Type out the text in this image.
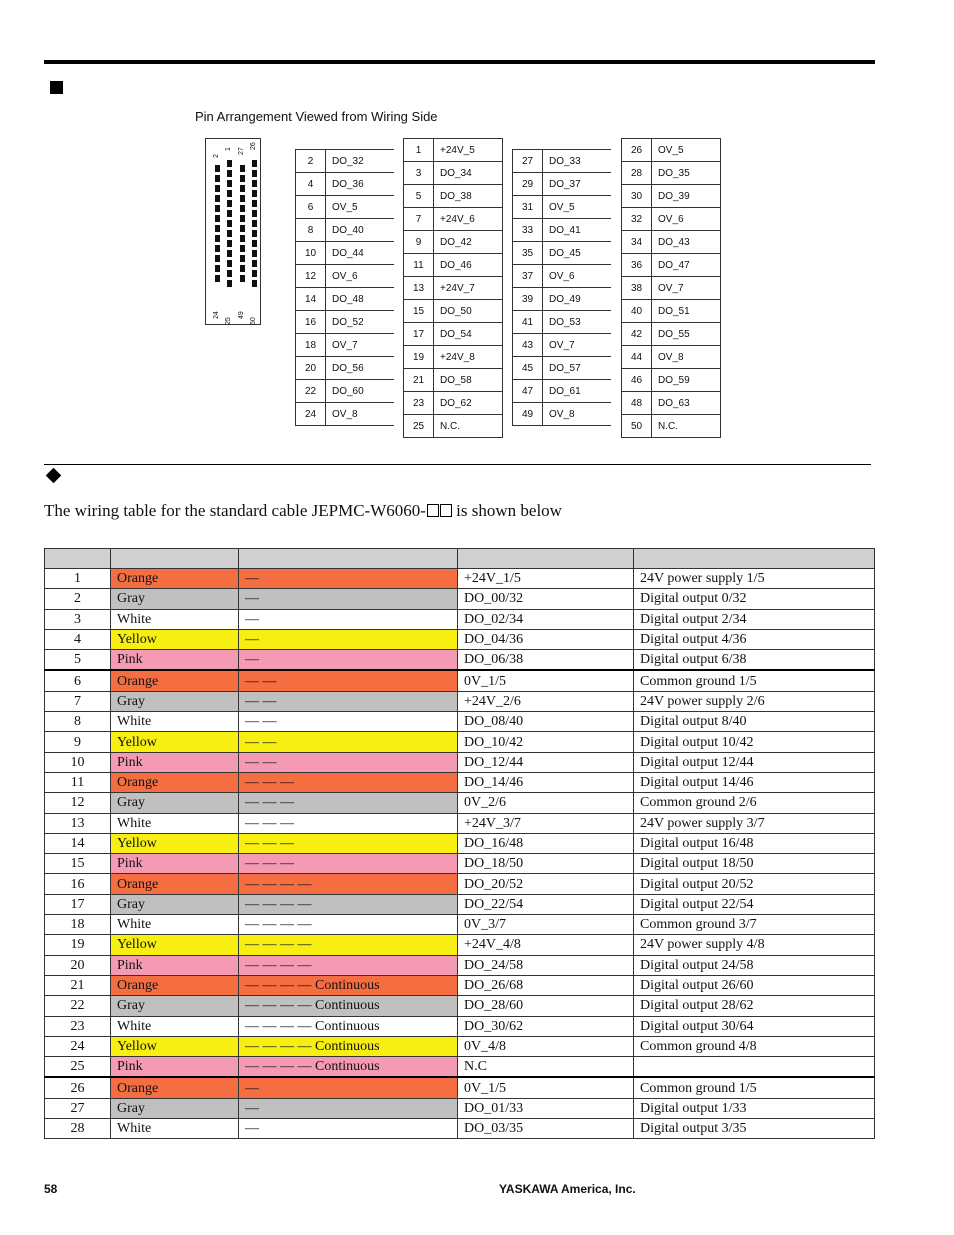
Pin Arrangement Viewed from Wiring Side
2
1 27
26
24
25
49
50
2	DO_32
4	DO_36
6	OV_5
8	DO_40
10	DO_44
12	OV_6
14	DO_48
16	DO_52
18	OV_7
20	DO_56
22	DO_60
24	OV_8
1	+24V_5
3	DO_34
5	DO_38
7	+24V_6
9	DO_42
11	DO_46
13	+24V_7
15	DO_50
17	DO_54
19	+24V_8
21	DO_58
23	DO_62
25	N.C.
27	DO_33
29	DO_37
31	OV_5
33	DO_41
35	DO_45
37	OV_6
39	DO_49
41	DO_53
43	OV_7
45	DO_57
47	DO_61
49	OV_8
26	OV_5
28	DO_35
30	DO_39
32	OV_6
34	DO_43
36	DO_47
38	OV_7
40	DO_51
42	DO_55
44	OV_8
46	DO_59
48	DO_63
50	N.C.
The wiring table for the standard cable JEPMC-W6060- is shown below

1	Orange	—	+24V_1/5	24V power supply 1/5
2	Gray	—	DO_00/32	Digital output 0/32
3	White	—	DO_02/34	Digital output 2/34
4	Yellow	—	DO_04/36	Digital output 4/36
5	Pink	—	DO_06/38	Digital output 6/38
6	Orange	— —	0V_1/5	Common ground 1/5
7	Gray	— —	+24V_2/6	24V power supply 2/6
8	White	— —	DO_08/40	Digital output 8/40
9	Yellow	— —	DO_10/42	Digital output 10/42
10	Pink	— —	DO_12/44	Digital output 12/44
11	Orange	— — —	DO_14/46	Digital output 14/46
12	Gray	— — —	0V_2/6	Common ground 2/6
13	White	— — —	+24V_3/7	24V power supply 3/7
14	Yellow	— — —	DO_16/48	Digital output 16/48
15	Pink	— — —	DO_18/50	Digital output 18/50
16	Orange	— — — —	DO_20/52	Digital output 20/52
17	Gray	— — — —	DO_22/54	Digital output 22/54
18	White	— — — —	0V_3/7	Common ground 3/7
19	Yellow	— — — —	+24V_4/8	24V power supply 4/8
20	Pink	— — — —	DO_24/58	Digital output 24/58
21	Orange	— — — — Continuous	DO_26/68	Digital output 26/60
22	Gray	— — — — Continuous	DO_28/60	Digital output 28/62
23	White	— — — — Continuous	DO_30/62	Digital output 30/64
24	Yellow	— — — — Continuous	0V_4/8	Common ground 4/8
25	Pink	— — — — Continuous	N.C	
26	Orange	—	0V_1/5	Common ground 1/5
27	Gray	—	DO_01/33	Digital output 1/33
28	White	—	DO_03/35	Digital output 3/35
58	YASKAWA America, Inc.
